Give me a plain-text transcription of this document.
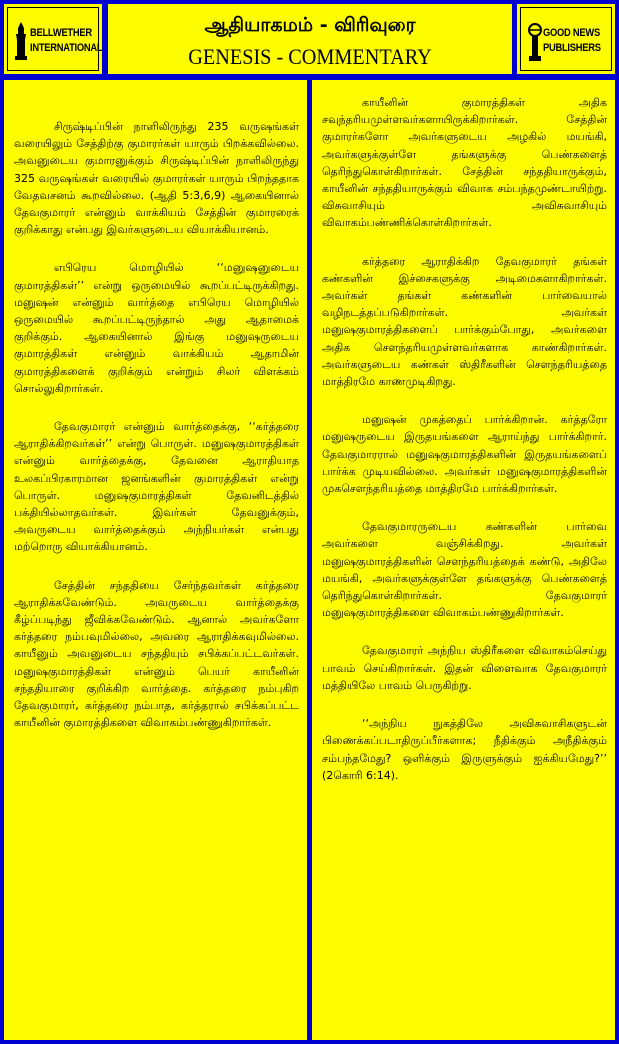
BELLWETHER
INTERNATIONAL
ஆதியாகமம் - விரிவுரை
GENESIS - COMMENTARY
GOOD NEWS
PUBLISHERS

சிருஷ்டிப்பின் நாளிலிருந்து 235 வருஷங்கள் வரையிலும் சேத்திற்கு குமாரர்கள் யாரும் பிறக்கவில்லை. அவனுடைய குமாரனுக்கும் சிருஷ்டிப்பின் நாளிலிருந்து 325 வருஷங்கள் வரையில் குமாரர்கள் யாரும் பிறந்ததாக வேதவசனம் கூறவில்லை. (ஆதி 5:3,6,9) ஆகையினால் தேவகுமாரர் என்னும் வாக்கியம் சேத்தின் குமாரரைக் குறிக்காது என்பது இவர்களுடைய வியாக்கியானம்.

எபிரெய மொழியில் ‘‘மனுஷனுடைய குமாரத்திகள்’’ என்று ஒருமையில் கூறப்பட்டிருக்கிறது. மனுஷன் என்னும் வார்த்தை எபிரெய மொழியில் ஒருமையில் கூறப்பட்டிருந்தால் அது ஆதாமைக் குறிக்கும். ஆகையினால் இங்கு மனுஷருடைய குமாரத்திகள் என்னும் வாக்கியம் ஆதாமின் குமாரத்திகளைக் குறிக்கும் என்றும் சிலர் விளக்கம் சொல்லுகிறார்கள்.

தேவகுமாரர் என்னும் வார்த்தைக்கு, ‘‘கர்த்தரை ஆராதிக்கிறவர்கள்’’ என்று பொருள். மனுஷகுமாரத்திகள் என்னும் வார்த்தைக்கு, தேவனை ஆராதியாத உலகப்பிரகாரமான ஜனங்களின் குமாரத்திகள் என்று பொருள். மனுஷகுமாரத்திகள் தேவனிடத்தில் பக்தியில்லாதவர்கள். இவர்கள் தேவனுக்கும், அவருடைய வார்த்தைக்கும் அந்நியர்கள் என்பது மற்றொரு வியாக்கியானம்.

சேத்தின் சந்ததியை சேர்ந்தவர்கள் கர்த்தரை ஆராதிக்கவேண்டும். அவருடைய வார்த்தைக்கு கீழ்ப்படிந்து ஜீவிக்கவேண்டும். ஆனால் அவர்களோ கர்த்தரை நம்பவுமில்லை, அவரை ஆராதிக்கவுமில்லை. காயீனும் அவனுடைய சந்ததியும் சபிக்கப்பட்டவர்கள். மனுஷகுமாரத்திகள் என்னும் பெயர் காயீனின் சந்ததியாரை குறிக்கிற வார்த்தை. கர்த்தரை நம்புகிற தேவகுமாரர், கர்த்தரை நம்பாத, கர்த்தரால் சபிக்கப்பட்ட காயீனின் குமாரத்திகளை விவாகம்பண்ணுகிறார்கள்.

காயீனின் குமாரத்திகள் அதிக சவுந்தரியமுள்ளவர்களாயிருக்கிறார்கள். சேத்தின் குமாரர்களோ அவர்களுடைய அழகில் மயங்கி, அவர்களுக்குள்ளே தங்களுக்கு பெண்களைத் தெரிந்துகொள்கிறார்கள். சேத்தின் சந்ததியாருக்கும், காயீனின் சந்ததியாருக்கும் விவாக சம்பந்தமுண்டாயிற்று. விசுவாசியும் அவிசுவாசியும் விவாகம்பண்ணிக்கொள்கிறார்கள்.

கர்த்தரை ஆராதிக்கிற தேவகுமாரர் தங்கள் கண்களின் இச்சைகளுக்கு அடிமைகளாகிறார்கள். அவர்கள் தங்கள் கண்களின் பார்வையால் வழிநடத்தப்படுகிறார்கள். அவர்கள் மனுஷகுமாரத்திகளைப் பார்க்கும்போது, அவர்களை அதிக சௌந்தரியமுள்ளவர்களாக காண்கிறார்கள். அவர்களுடைய கண்கள் ஸ்திரீகளின் சௌந்தரியத்தை மாத்திரமே காணமுடிகிறது.

மனுஷன் முகத்தைப் பார்க்கிறான். கர்த்தரோ மனுஷருடைய இருதயங்களை ஆராய்ந்து பார்க்கிறார். தேவகுமாரரால் மனுஷகுமாரத்திகளின் இருதயங்களைப் பார்க்க முடியவில்லை. அவர்கள் மனுஷகுமாரத்திகளின் முகசௌந்தரியத்தை மாத்திரமே பார்க்கிறார்கள்.

தேவகுமாரருடைய கண்களின் பார்வை அவர்களை வஞ்சிக்கிறது. அவர்கள் மனுஷகுமாரத்திகளின் சௌந்தரியத்தைக் கண்டு, அதிலே மயங்கி, அவர்களுக்குள்ளே தங்களுக்கு பெண்களைத் தெரிந்துகொள்கிறார்கள். தேவகுமாரர் மனுஷகுமாரத்திகளை விவாகம்பண்ணுகிறார்கள்.

தேவகுமாரர் அந்நிய ஸ்திரீகளை விவாகம்செய்து பாவம் செய்கிறார்கள். இதன் விளைவாக தேவகுமாரர் மத்தியிலே பாவம் பெருகிற்று.

‘‘அந்நிய நுகத்திலே அவிசுவாசிகளுடன் பிணைக்கப்படாதிருப்பீர்களாக; நீதிக்கும் அநீதிக்கும் சம்பந்தமேது? ஒளிக்கும் இருளுக்கும் ஐக்கியமேது?’’ (2கொரி 6:14).
